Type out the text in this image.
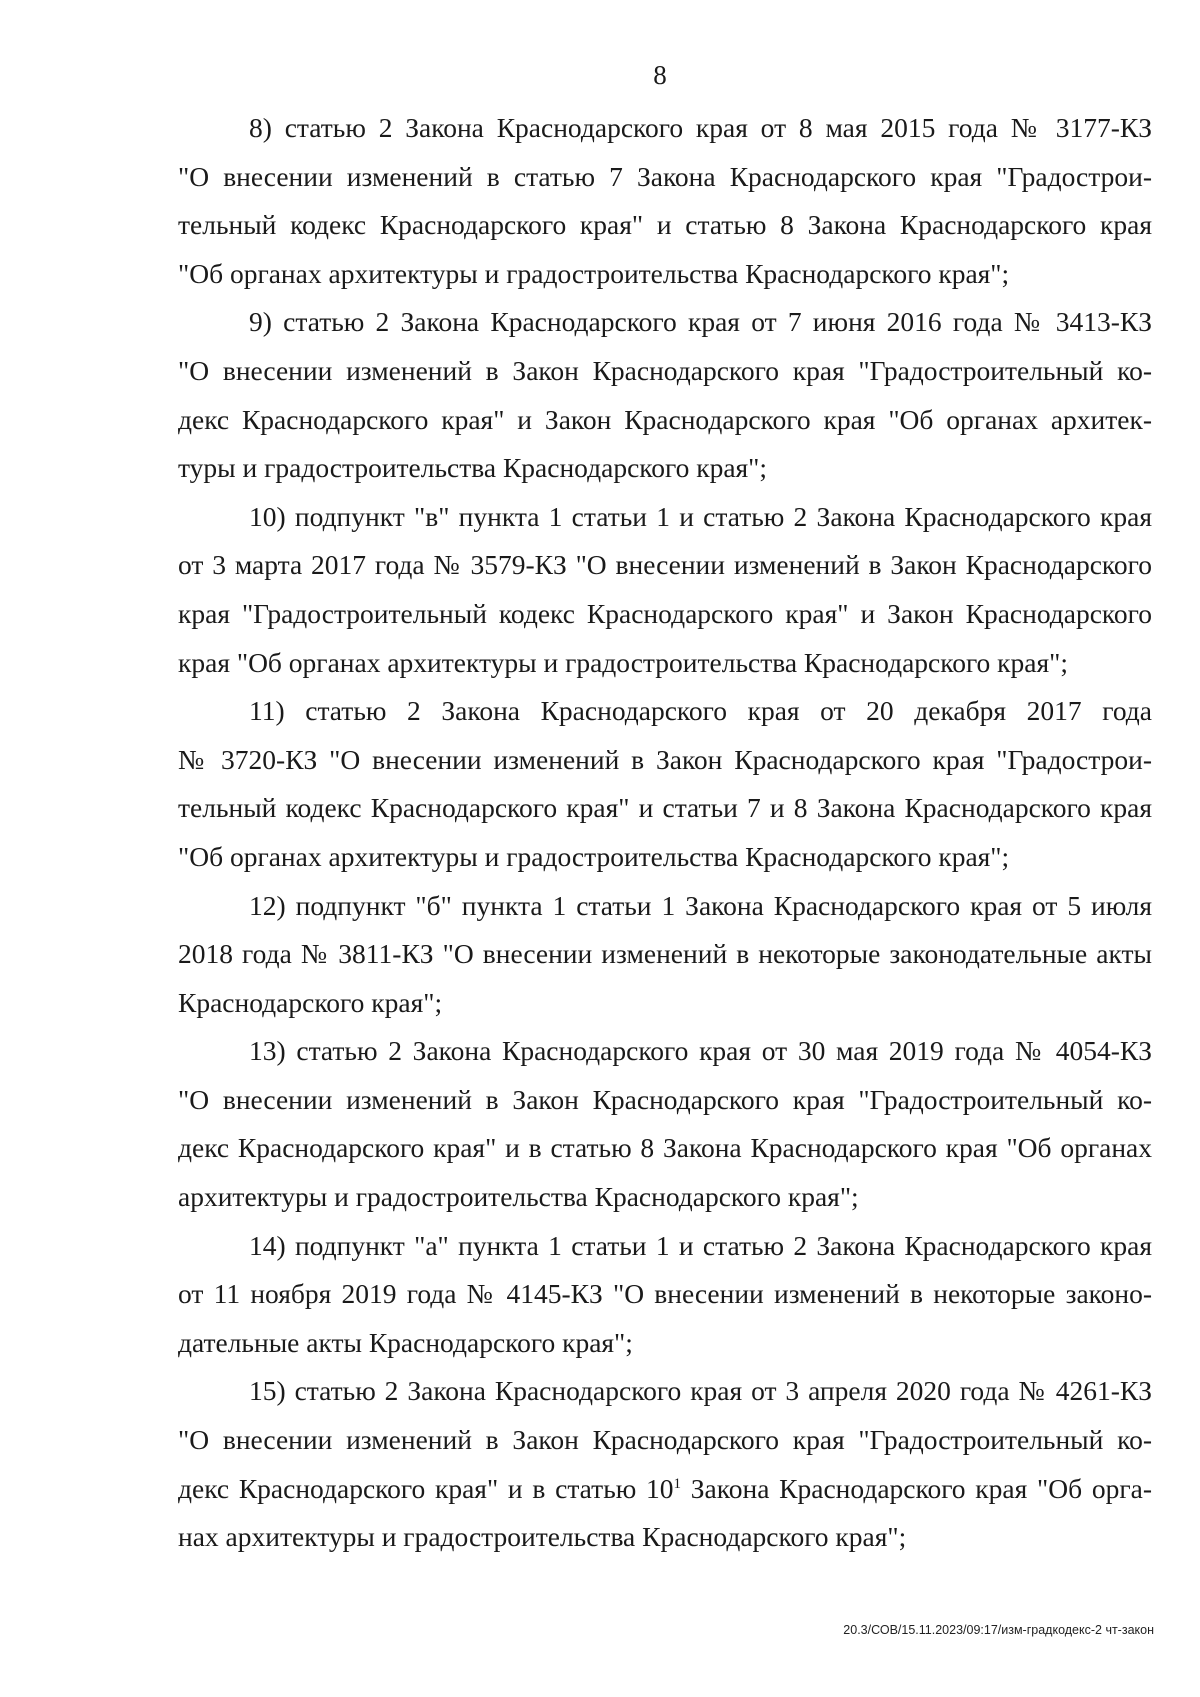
8
8) статью 2 Закона Краснодарского края от 8 мая 2015 года № 3177-КЗ
"О внесении изменений в статью 7 Закона Краснодарского края "Градострои-
тельный кодекс Краснодарского края" и статью 8 Закона Краснодарского края
"Об органах архитектуры и градостроительства Краснодарского края";
9) статью 2 Закона Краснодарского края от 7 июня 2016 года № 3413-КЗ
"О внесении изменений в Закон Краснодарского края "Градостроительный ко-
декс Краснодарского края" и Закон Краснодарского края "Об органах архитек-
туры и градостроительства Краснодарского края";
10) подпункт "в" пункта 1 статьи 1 и статью 2 Закона Краснодарского края
от 3 марта 2017 года № 3579-КЗ "О внесении изменений в Закон Краснодарского
края "Градостроительный кодекс Краснодарского края" и Закон Краснодарского
края "Об органах архитектуры и градостроительства Краснодарского края";
11) статью 2 Закона Краснодарского края от 20 декабря 2017 года
№ 3720-КЗ "О внесении изменений в Закон Краснодарского края "Градострои-
тельный кодекс Краснодарского края" и статьи 7 и 8 Закона Краснодарского края
"Об органах архитектуры и градостроительства Краснодарского края";
12) подпункт "б" пункта 1 статьи 1 Закона Краснодарского края от 5 июля
2018 года № 3811-КЗ "О внесении изменений в некоторые законодательные акты
Краснодарского края";
13) статью 2 Закона Краснодарского края от 30 мая 2019 года № 4054-КЗ
"О внесении изменений в Закон Краснодарского края "Градостроительный ко-
декс Краснодарского края" и в статью 8 Закона Краснодарского края "Об органах
архитектуры и градостроительства Краснодарского края";
14) подпункт "а" пункта 1 статьи 1 и статью 2 Закона Краснодарского края
от 11 ноября 2019 года № 4145-КЗ "О внесении изменений в некоторые законо-
дательные акты Краснодарского края";
15) статью 2 Закона Краснодарского края от 3 апреля 2020 года № 4261-КЗ
"О внесении изменений в Закон Краснодарского края "Градостроительный ко-
декс Краснодарского края" и в статью $10^1$ Закона Краснодарского края "Об орга-
нах архитектуры и градостроительства Краснодарского края";
20.3/СОВ/15.11.2023/09:17/изм-градкодекс-2 чт-закон
